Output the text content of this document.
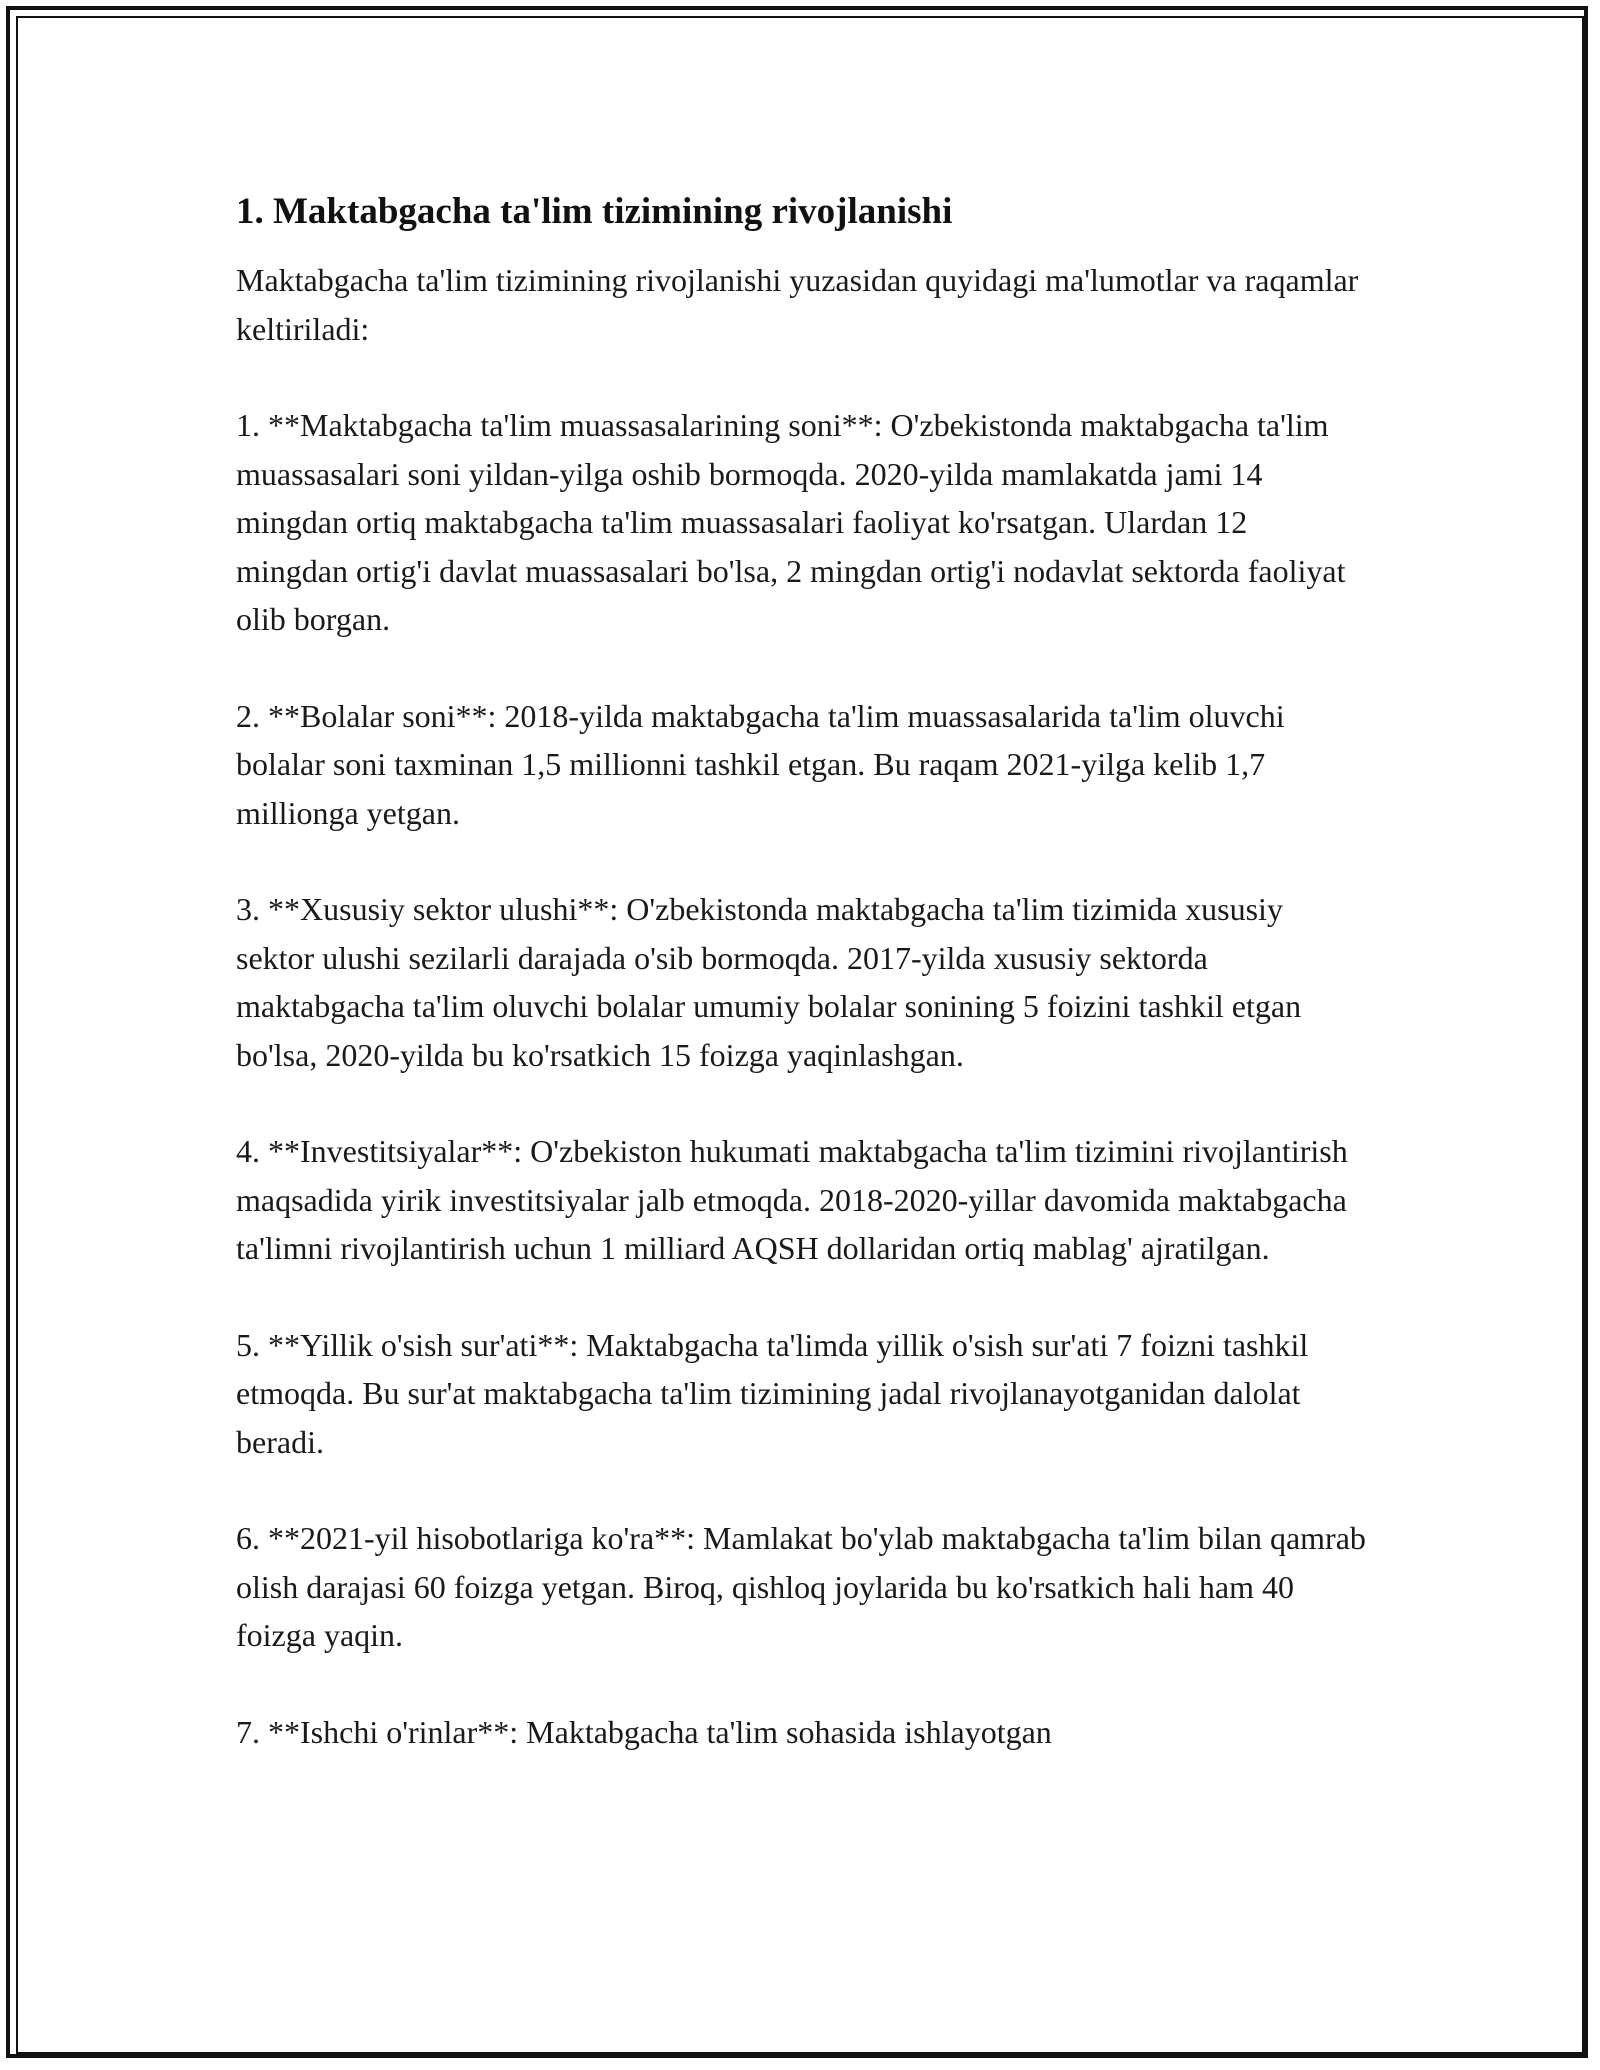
1. Maktabgacha ta'lim tizimining rivojlanishi

Maktabgacha ta'lim tizimining rivojlanishi yuzasidan quyidagi ma'lumotlar va raqamlar keltiriladi:

1. **Maktabgacha ta'lim muassasalarining soni**: O'zbekistonda maktabgacha ta'lim muassasalari soni yildan-yilga oshib bormoqda. 2020-yilda mamlakatda jami 14 mingdan ortiq maktabgacha ta'lim muassasalari faoliyat ko'rsatgan. Ulardan 12 mingdan ortig'i davlat muassasalari bo'lsa, 2 mingdan ortig'i nodavlat sektorda faoliyat olib borgan.

2. **Bolalar soni**: 2018-yilda maktabgacha ta'lim muassasalarida ta'lim oluvchi bolalar soni taxminan 1,5 millionni tashkil etgan. Bu raqam 2021-yilga kelib 1,7 millionga yetgan.

3. **Xususiy sektor ulushi**: O'zbekistonda maktabgacha ta'lim tizimida xususiy sektor ulushi sezilarli darajada o'sib bormoqda. 2017-yilda xususiy sektorda maktabgacha ta'lim oluvchi bolalar umumiy bolalar sonining 5 foizini tashkil etgan bo'lsa, 2020-yilda bu ko'rsatkich 15 foizga yaqinlashgan.

4. **Investitsiyalar**: O'zbekiston hukumati maktabgacha ta'lim tizimini rivojlantirish maqsadida yirik investitsiyalar jalb etmoqda. 2018-2020-yillar davomida maktabgacha ta'limni rivojlantirish uchun 1 milliard AQSH dollaridan ortiq mablag' ajratilgan.

5. **Yillik o'sish sur'ati**: Maktabgacha ta'limda yillik o'sish sur'ati 7 foizni tashkil etmoqda. Bu sur'at maktabgacha ta'lim tizimining jadal rivojlanayotganidan dalolat beradi.

6. **2021-yil hisobotlariga ko'ra**: Mamlakat bo'ylab maktabgacha ta'lim bilan qamrab olish darajasi 60 foizga yetgan. Biroq, qishloq joylarida bu ko'rsatkich hali ham 40 foizga yaqin.

7. **Ishchi o'rinlar**: Maktabgacha ta'lim sohasida ishlayotgan
